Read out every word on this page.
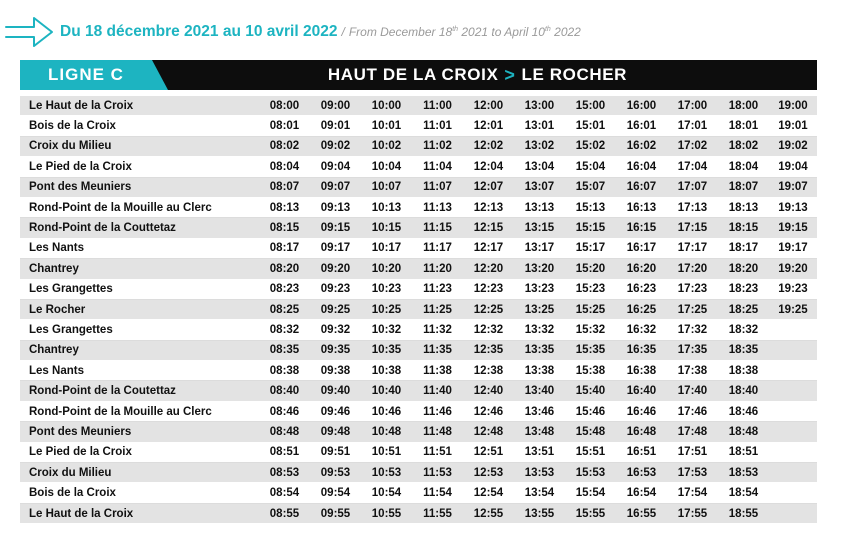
Du 18 décembre 2021 au 10 avril 2022 / From December 18th 2021 to April 10th 2022
LIGNE C	HAUT DE LA CROIX > LE ROCHER
Le Haut de la Croix	08:00	09:00	10:00	11:00	12:00	13:00	15:00	16:00	17:00	18:00	19:00
Bois de la Croix	08:01	09:01	10:01	11:01	12:01	13:01	15:01	16:01	17:01	18:01	19:01
Croix du Milieu	08:02	09:02	10:02	11:02	12:02	13:02	15:02	16:02	17:02	18:02	19:02
Le Pied de la Croix	08:04	09:04	10:04	11:04	12:04	13:04	15:04	16:04	17:04	18:04	19:04
Pont des Meuniers	08:07	09:07	10:07	11:07	12:07	13:07	15:07	16:07	17:07	18:07	19:07
Rond-Point de la Mouille au Clerc	08:13	09:13	10:13	11:13	12:13	13:13	15:13	16:13	17:13	18:13	19:13
Rond-Point de la Couttetaz	08:15	09:15	10:15	11:15	12:15	13:15	15:15	16:15	17:15	18:15	19:15
Les Nants	08:17	09:17	10:17	11:17	12:17	13:17	15:17	16:17	17:17	18:17	19:17
Chantrey	08:20	09:20	10:20	11:20	12:20	13:20	15:20	16:20	17:20	18:20	19:20
Les Grangettes	08:23	09:23	10:23	11:23	12:23	13:23	15:23	16:23	17:23	18:23	19:23
Le Rocher	08:25	09:25	10:25	11:25	12:25	13:25	15:25	16:25	17:25	18:25	19:25
Les Grangettes	08:32	09:32	10:32	11:32	12:32	13:32	15:32	16:32	17:32	18:32	
Chantrey	08:35	09:35	10:35	11:35	12:35	13:35	15:35	16:35	17:35	18:35	
Les Nants	08:38	09:38	10:38	11:38	12:38	13:38	15:38	16:38	17:38	18:38	
Rond-Point de la Coutettaz	08:40	09:40	10:40	11:40	12:40	13:40	15:40	16:40	17:40	18:40	
Rond-Point de la Mouille au Clerc	08:46	09:46	10:46	11:46	12:46	13:46	15:46	16:46	17:46	18:46	
Pont des Meuniers	08:48	09:48	10:48	11:48	12:48	13:48	15:48	16:48	17:48	18:48	
Le Pied de la Croix	08:51	09:51	10:51	11:51	12:51	13:51	15:51	16:51	17:51	18:51	
Croix du Milieu	08:53	09:53	10:53	11:53	12:53	13:53	15:53	16:53	17:53	18:53	
Bois de la Croix	08:54	09:54	10:54	11:54	12:54	13:54	15:54	16:54	17:54	18:54	
Le Haut de la Croix	08:55	09:55	10:55	11:55	12:55	13:55	15:55	16:55	17:55	18:55	
